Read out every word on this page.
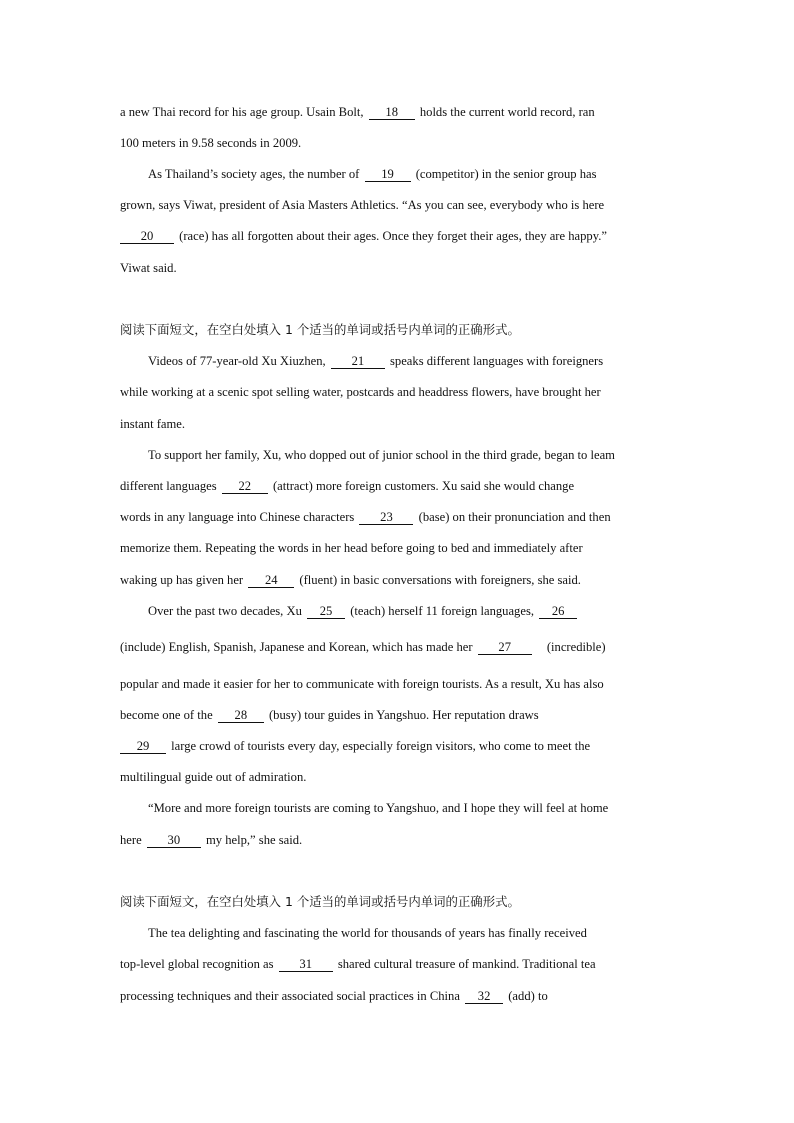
a new Thai record for his age group. Usain Bolt, 18 holds the current world record, ran
100 meters in 9.58 seconds in 2009.
As Thailand’s society ages, the number of 19 (competitor) in the senior group has
grown, says Viwat, president of Asia Masters Athletics. “As you can see, everybody who is here
20 (race) has all forgotten about their ages. Once they forget their ages, they are happy.”
Viwat said.
阅读下面短文，在空白处填入 1 个适当的单词或括号内单词的正确形式。
Videos of 77-year-old Xu Xiuzhen, 21 speaks different languages with foreigners
while working at a scenic spot selling water, postcards and headdress flowers, have brought her
instant fame.
To support her family, Xu, who dopped out of junior school in the third grade, began to leam
different languages 22 (attract) more foreign customers. Xu said she would change
words in any language into Chinese characters 23 (base) on their pronunciation and then
memorize them. Repeating the words in her head before going to bed and immediately after
waking up has given her 24 (fluent) in basic conversations with foreigners, she said.
Over the past two decades, Xu 25 (teach) herself 11 foreign languages, 26
(include) English, Spanish, Japanese and Korean, which has made her 27	(incredible)
popular and made it easier for her to communicate with foreign tourists. As a result, Xu has also
become one of the 28 (busy) tour guides in Yangshuo. Her reputation draws
29 large crowd of tourists every day, especially foreign visitors, who come to meet the
multilingual guide out of admiration.
“More and more foreign tourists are coming to Yangshuo, and I hope they will feel at home
here 30 my help,” she said.
阅读下面短文，在空白处填入 1 个适当的单词或括号内单词的正确形式。
The tea delighting and fascinating the world for thousands of years has finally received
top-level global recognition as 31 shared cultural treasure of mankind. Traditional tea
processing techniques and their associated social practices in China 32 (add) to
